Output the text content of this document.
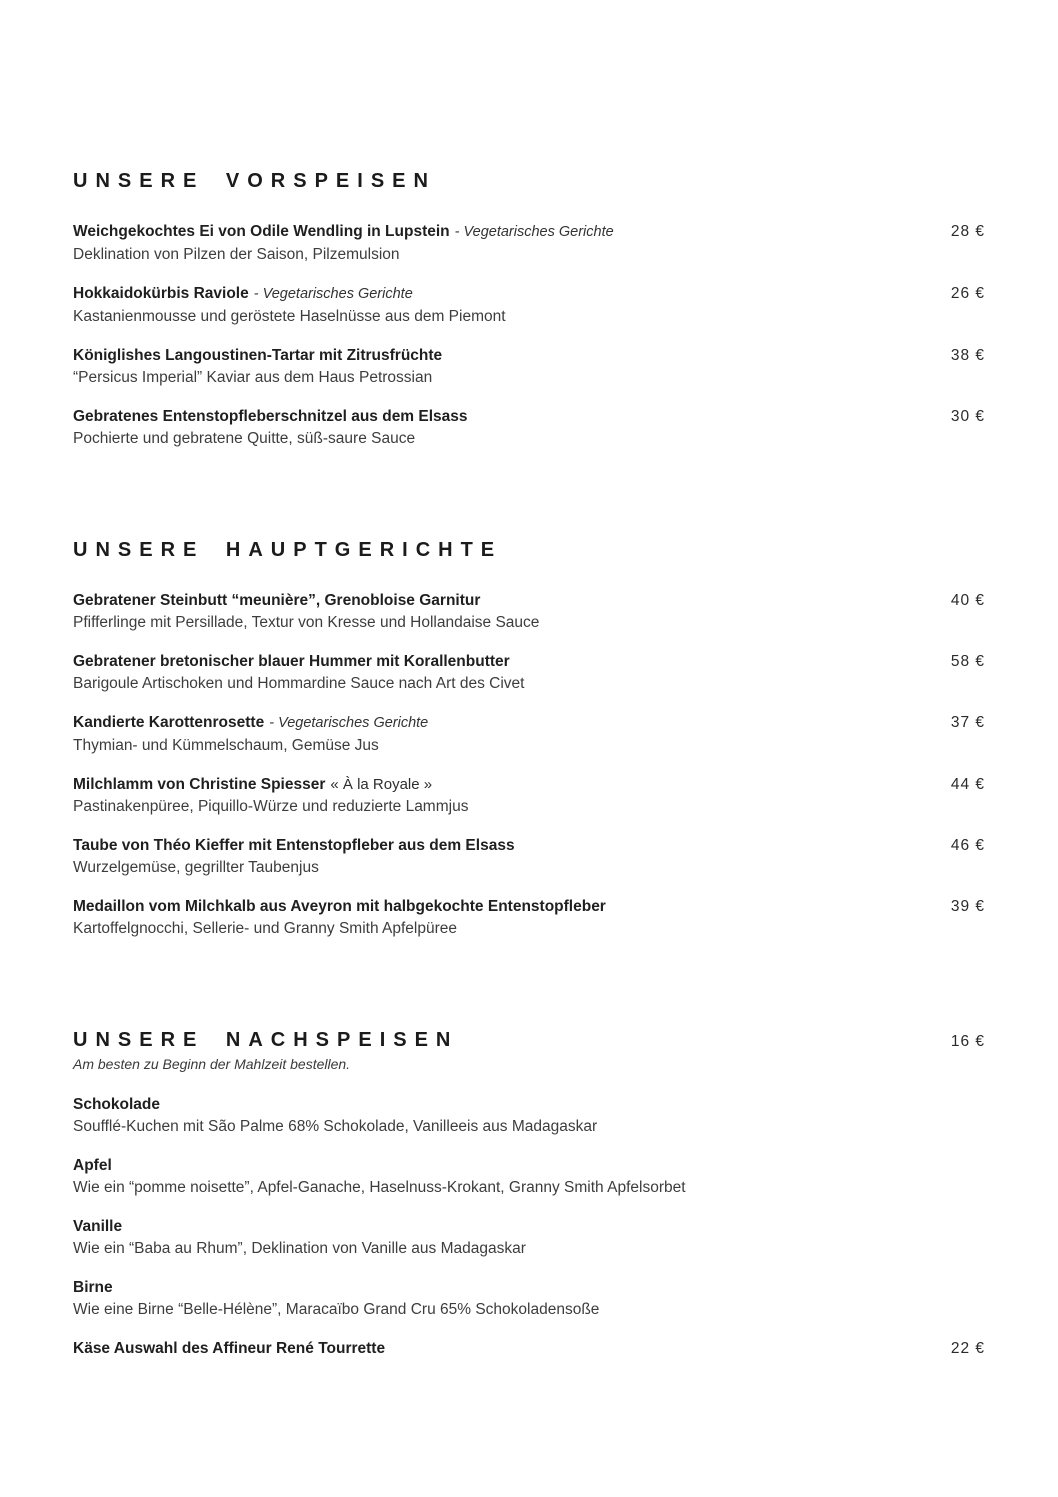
UNSERE VORSPEISEN
Weichgekochtes Ei von Odile Wendling in Lupstein - Vegetarisches Gerichte	28 €
Deklination von Pilzen der Saison, Pilzemulsion
Hokkaidokürbis Raviole - Vegetarisches Gerichte	26 €
Kastanienmousse und geröstete Haselnüsse aus dem Piemont
Königlishes Langoustinen-Tartar mit Zitrusfrüchte	38 €
“Persicus Imperial” Kaviar aus dem Haus Petrossian
Gebratenes Entenstopfleberschnitzel aus dem Elsass	30 €
Pochierte und gebratene Quitte, süß-saure Sauce
UNSERE HAUPTGERICHTE
Gebratener Steinbutt “meunière”, Grenobloise Garnitur	40 €
Pfifferlinge mit Persillade, Textur von Kresse und Hollandaise Sauce
Gebratener bretonischer blauer Hummer mit Korallenbutter	58 €
Barigoule Artischoken und Hommardine Sauce nach Art des Civet
Kandierte Karottenrosette - Vegetarisches Gerichte	37 €
Thymian- und Kümmelschaum, Gemüse Jus
Milchlamm von Christine Spiesser « À la Royale »	44 €
Pastinakenpüree, Piquillo-Würze und reduzierte Lammjus
Taube von Théo Kieffer mit Entenstopfleber aus dem Elsass	46 €
Wurzelgemüse, gegrillter Taubenjus
Medaillon vom Milchkalb aus Aveyron mit halbgekochte Entenstopfleber	39 €
Kartoffelgnocchi, Sellerie- und Granny Smith Apfelpüree
UNSERE NACHSPEISEN	16 €
Am besten zu Beginn der Mahlzeit bestellen.
Schokolade
Soufflé-Kuchen mit São Palme 68% Schokolade, Vanilleeis aus Madagaskar
Apfel
Wie ein “pomme noisette”, Apfel-Ganache, Haselnuss-Krokant, Granny Smith Apfelsorbet
Vanille
Wie ein “Baba au Rhum”, Deklination von Vanille aus Madagaskar
Birne
Wie eine Birne “Belle-Hélène”, Maracaïbo Grand Cru 65% Schokoladensoße
Käse Auswahl des Affineur René Tourrette	22 €
